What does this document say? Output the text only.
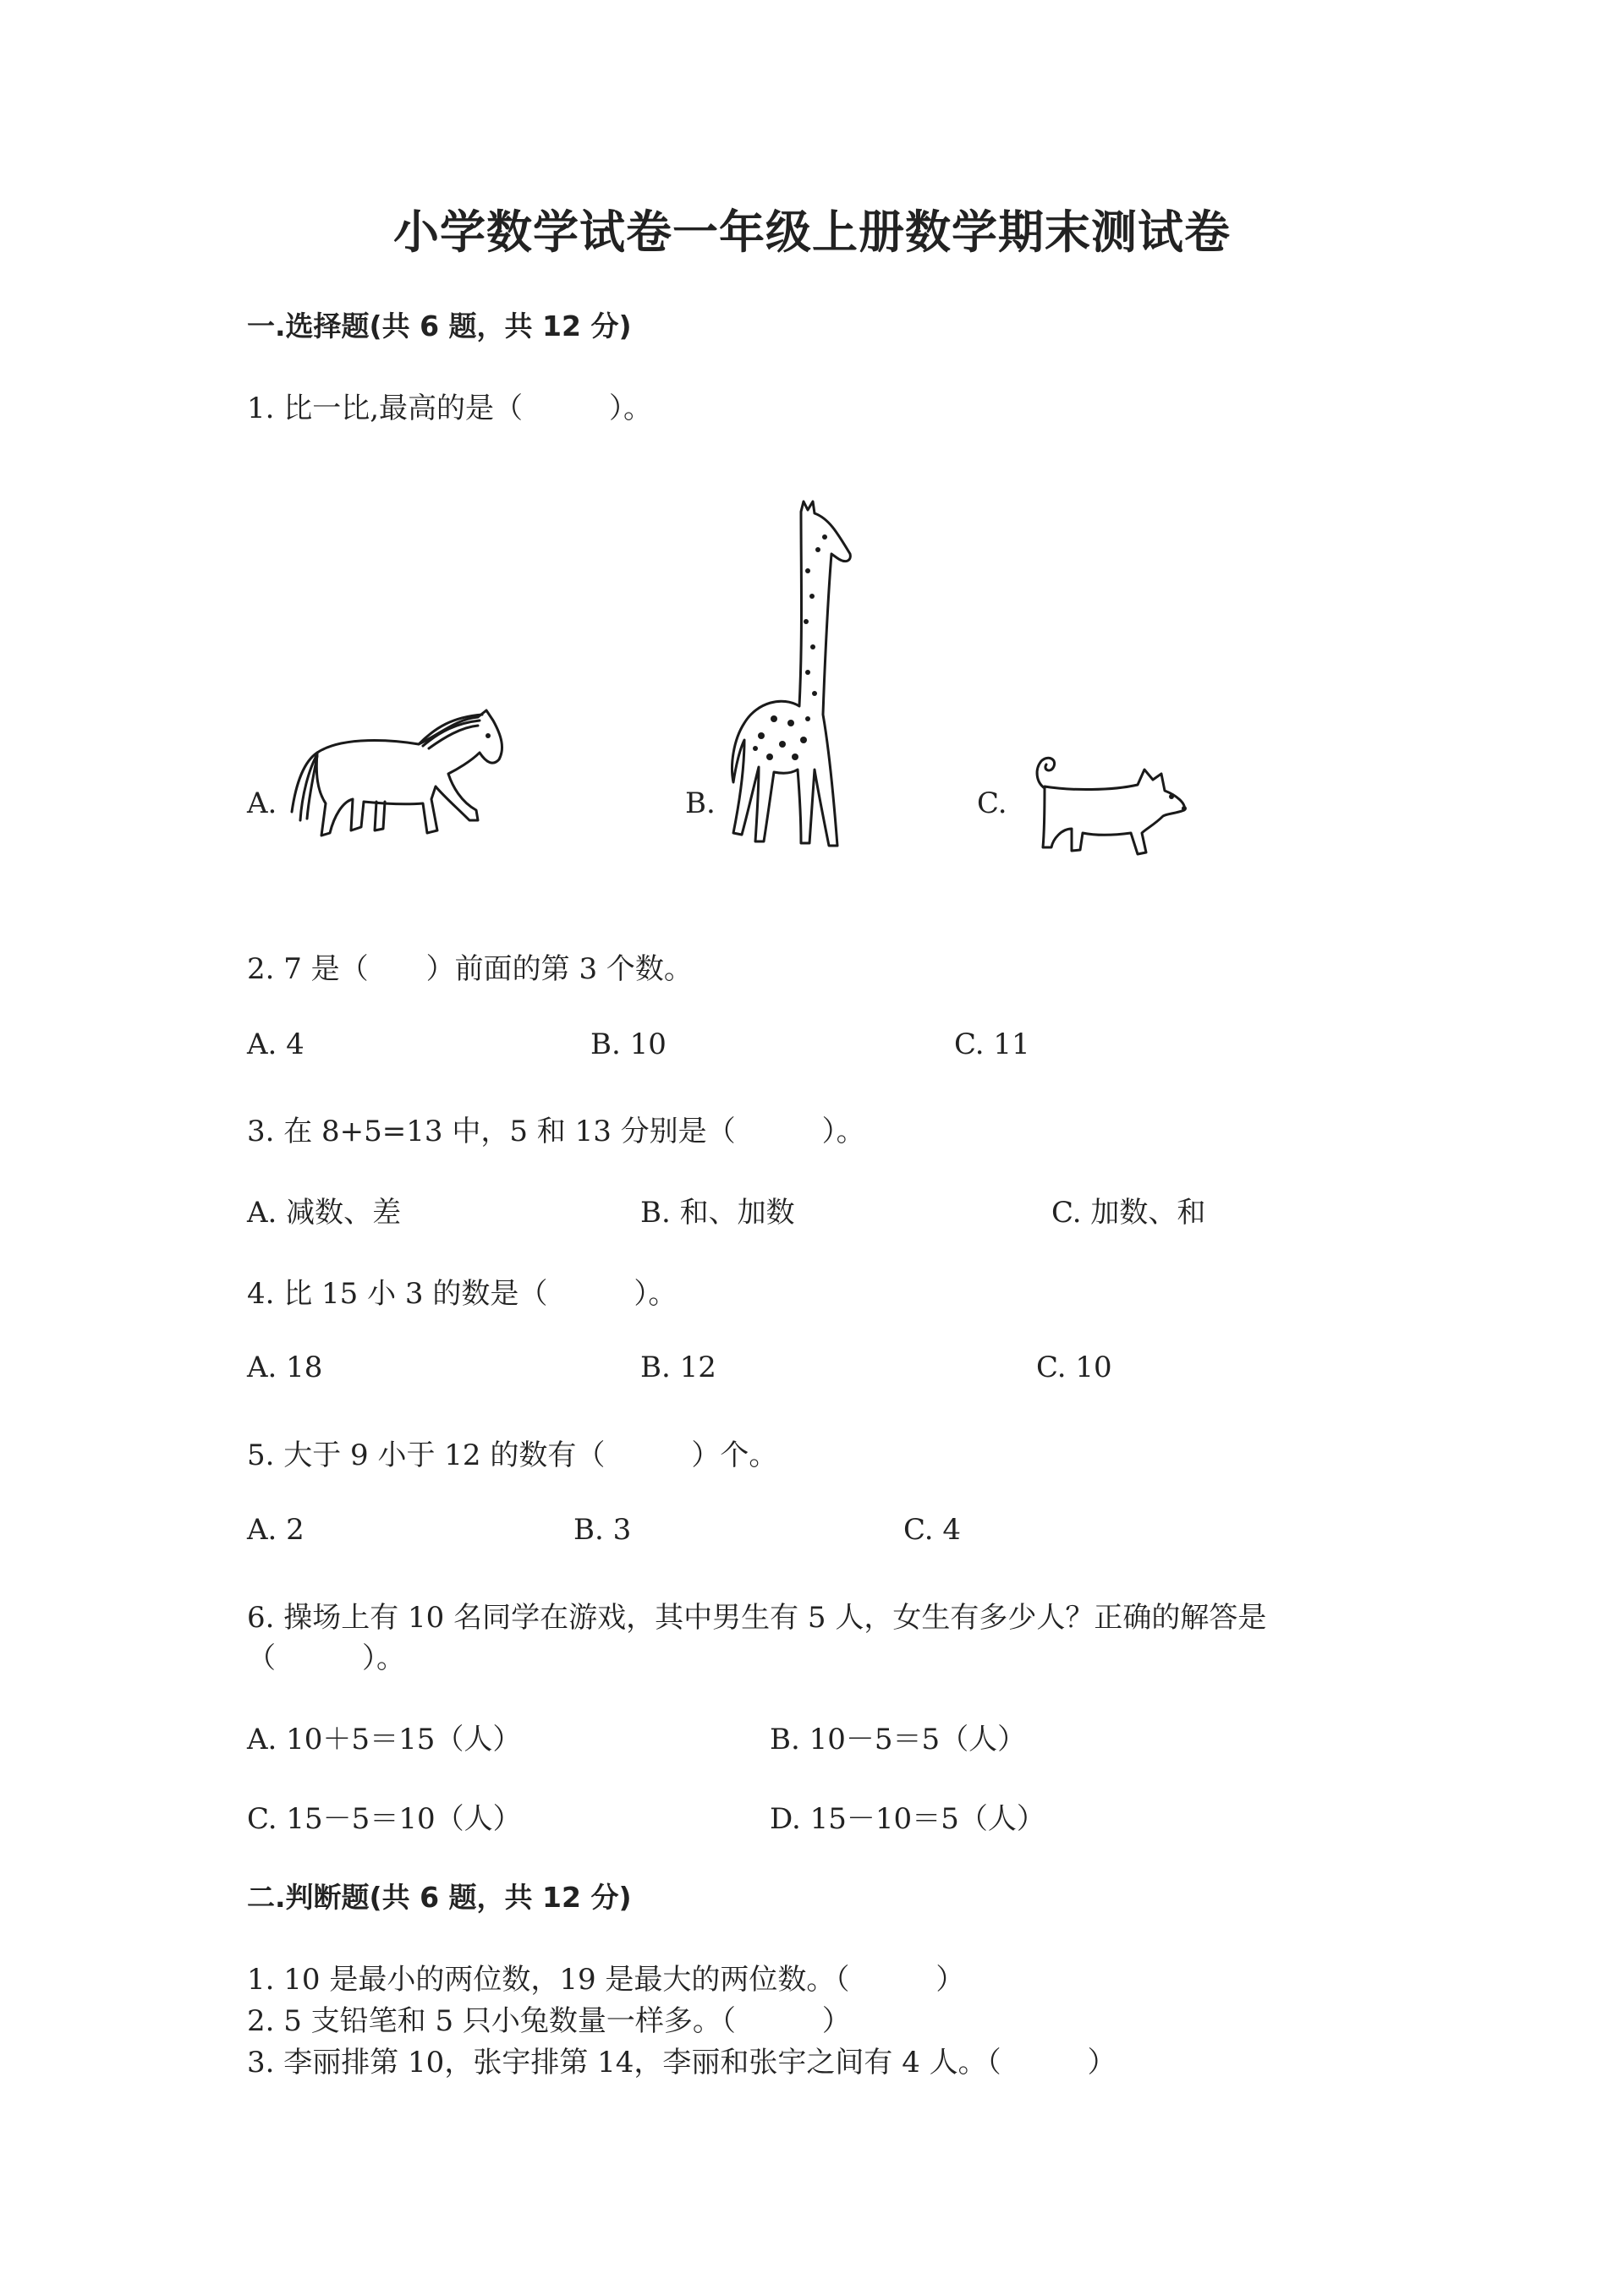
小学数学试卷一年级上册数学期末测试卷
一.选择题(共 6 题，共 12 分)
1. 比一比,最高的是（　　　）。
A.	B.	C.
2. 7 是（　　）前面的第 3 个数。
A. 4	B. 10	C. 11
3. 在 8+5=13 中，5 和 13 分别是（　　　）。
A. 减数、差	B. 和、加数	C. 加数、和
4. 比 15 小 3 的数是（　　　）。
A. 18	B. 12	C. 10
5. 大于 9 小于 12 的数有（　　　）个。
A. 2	B. 3	C. 4
6. 操场上有 10 名同学在游戏，其中男生有 5 人，女生有多少人？正确的解答是
（　　　）。
A. 10＋5＝15（人）	B. 10－5＝5（人）
C. 15－5＝10（人）	D. 15－10＝5（人）
二.判断题(共 6 题，共 12 分)
1. 10 是最小的两位数，19 是最大的两位数。（　　　）
2. 5 支铅笔和 5 只小兔数量一样多。（　　　）
3. 李丽排第 10，张宇排第 14，李丽和张宇之间有 4 人。（　　　）
